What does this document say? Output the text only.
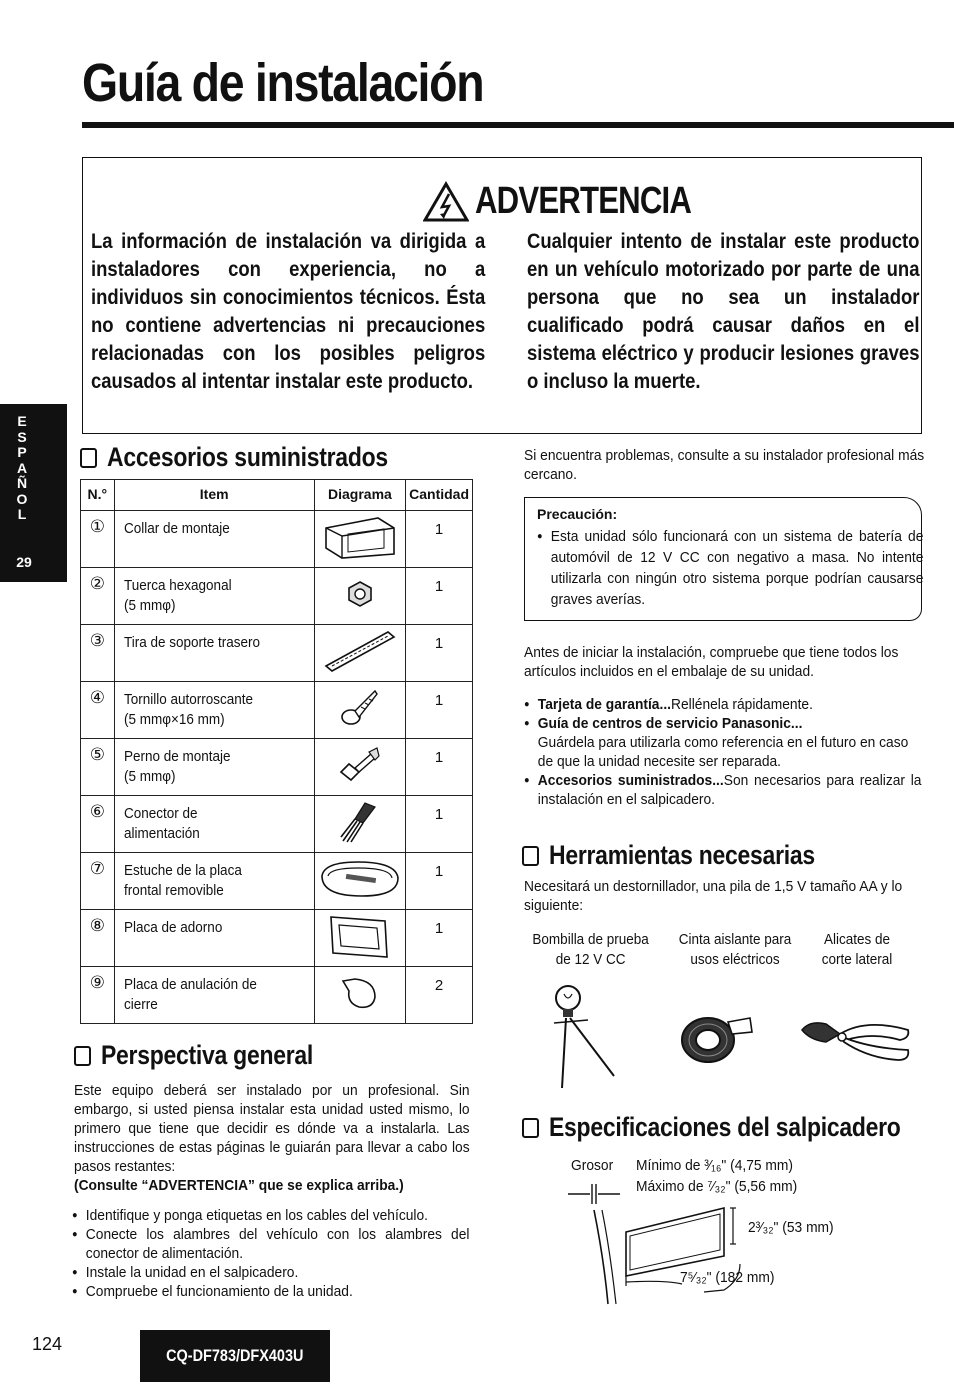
Guía de instalación
E
S
P
A
Ñ
O
L
29
ADVERTENCIA
La información de instalación va dirigida a instaladores con experiencia, no a individuos sin conocimientos técnicos. Ésta no contiene advertencias ni precauciones relacionadas con los posibles peligros causados al intentar instalar este producto.
Cualquier intento de instalar este producto en un vehículo motorizado por parte de una persona que no sea un instalador cualificado podrá causar daños en el sistema eléctrico y producir lesiones graves o incluso la muerte.
Accesorios suministrados
N.°	Item	Diagrama	Cantidad
①	Collar de montaje		1
②	Tuerca hexagonal
(5 mmφ)		1
③	Tira de soporte trasero		1
④	Tornillo autorroscante
(5 mmφ×16 mm)		1
⑤	Perno de montaje
(5 mmφ)		1
⑥	Conector de
alimentación		1
⑦	Estuche de la placa
frontal removible		1
⑧	Placa de adorno		1
⑨	Placa de anulación de
cierre		2
Perspectiva general
Este equipo deberá ser instalado por un profesional. Sin embargo, si usted piensa instalar esta unidad usted mismo, lo primero que tiene que decidir es dónde va a instalarla. Las instrucciones de estas páginas le guiarán para llevar a cabo los pasos restantes:
(Consulte “ADVERTENCIA” que se explica arriba.)
● Identifique y ponga etiquetas en los cables del vehículo.
● Conecte los alambres del vehículo con los alambres del conector de alimentación.
● Instale la unidad en el salpicadero.
● Compruebe el funcionamiento de la unidad.
Si encuentra problemas, consulte a su instalador profesional más cercano.
Precaución:
● Esta unidad sólo funcionará con un sistema de batería de automóvil de 12 V CC con negativo a masa. No intente utilizarla con ningún otro sistema porque podrían causarse graves averías.
Antes de iniciar la instalación, compruebe que tiene todos los artículos incluidos en el embalaje de su unidad.
● Tarjeta de garantía...Rellénela rápidamente.
● Guía de centros de servicio Panasonic...
Guárdela para utilizarla como referencia en el futuro en caso de que la unidad necesite ser reparada.
● Accesorios suministrados...Son necesarios para realizar la instalación en el salpicadero.
Herramientas necesarias
Necesitará un destornillador, una pila de 1,5 V tamaño AA y lo siguiente:
Bombilla de prueba
de 12 V CC
Cinta aislante para
usos eléctricos
Alicates de
corte lateral
Especificaciones del salpicadero
Grosor Mínimo de ³⁄₁₆" (4,75 mm)
Máximo de ⁷⁄₃₂" (5,56 mm)
2³⁄₃₂" (53 mm)
7⁵⁄₃₂" (182 mm)
124
CQ-DF783/DFX403U
